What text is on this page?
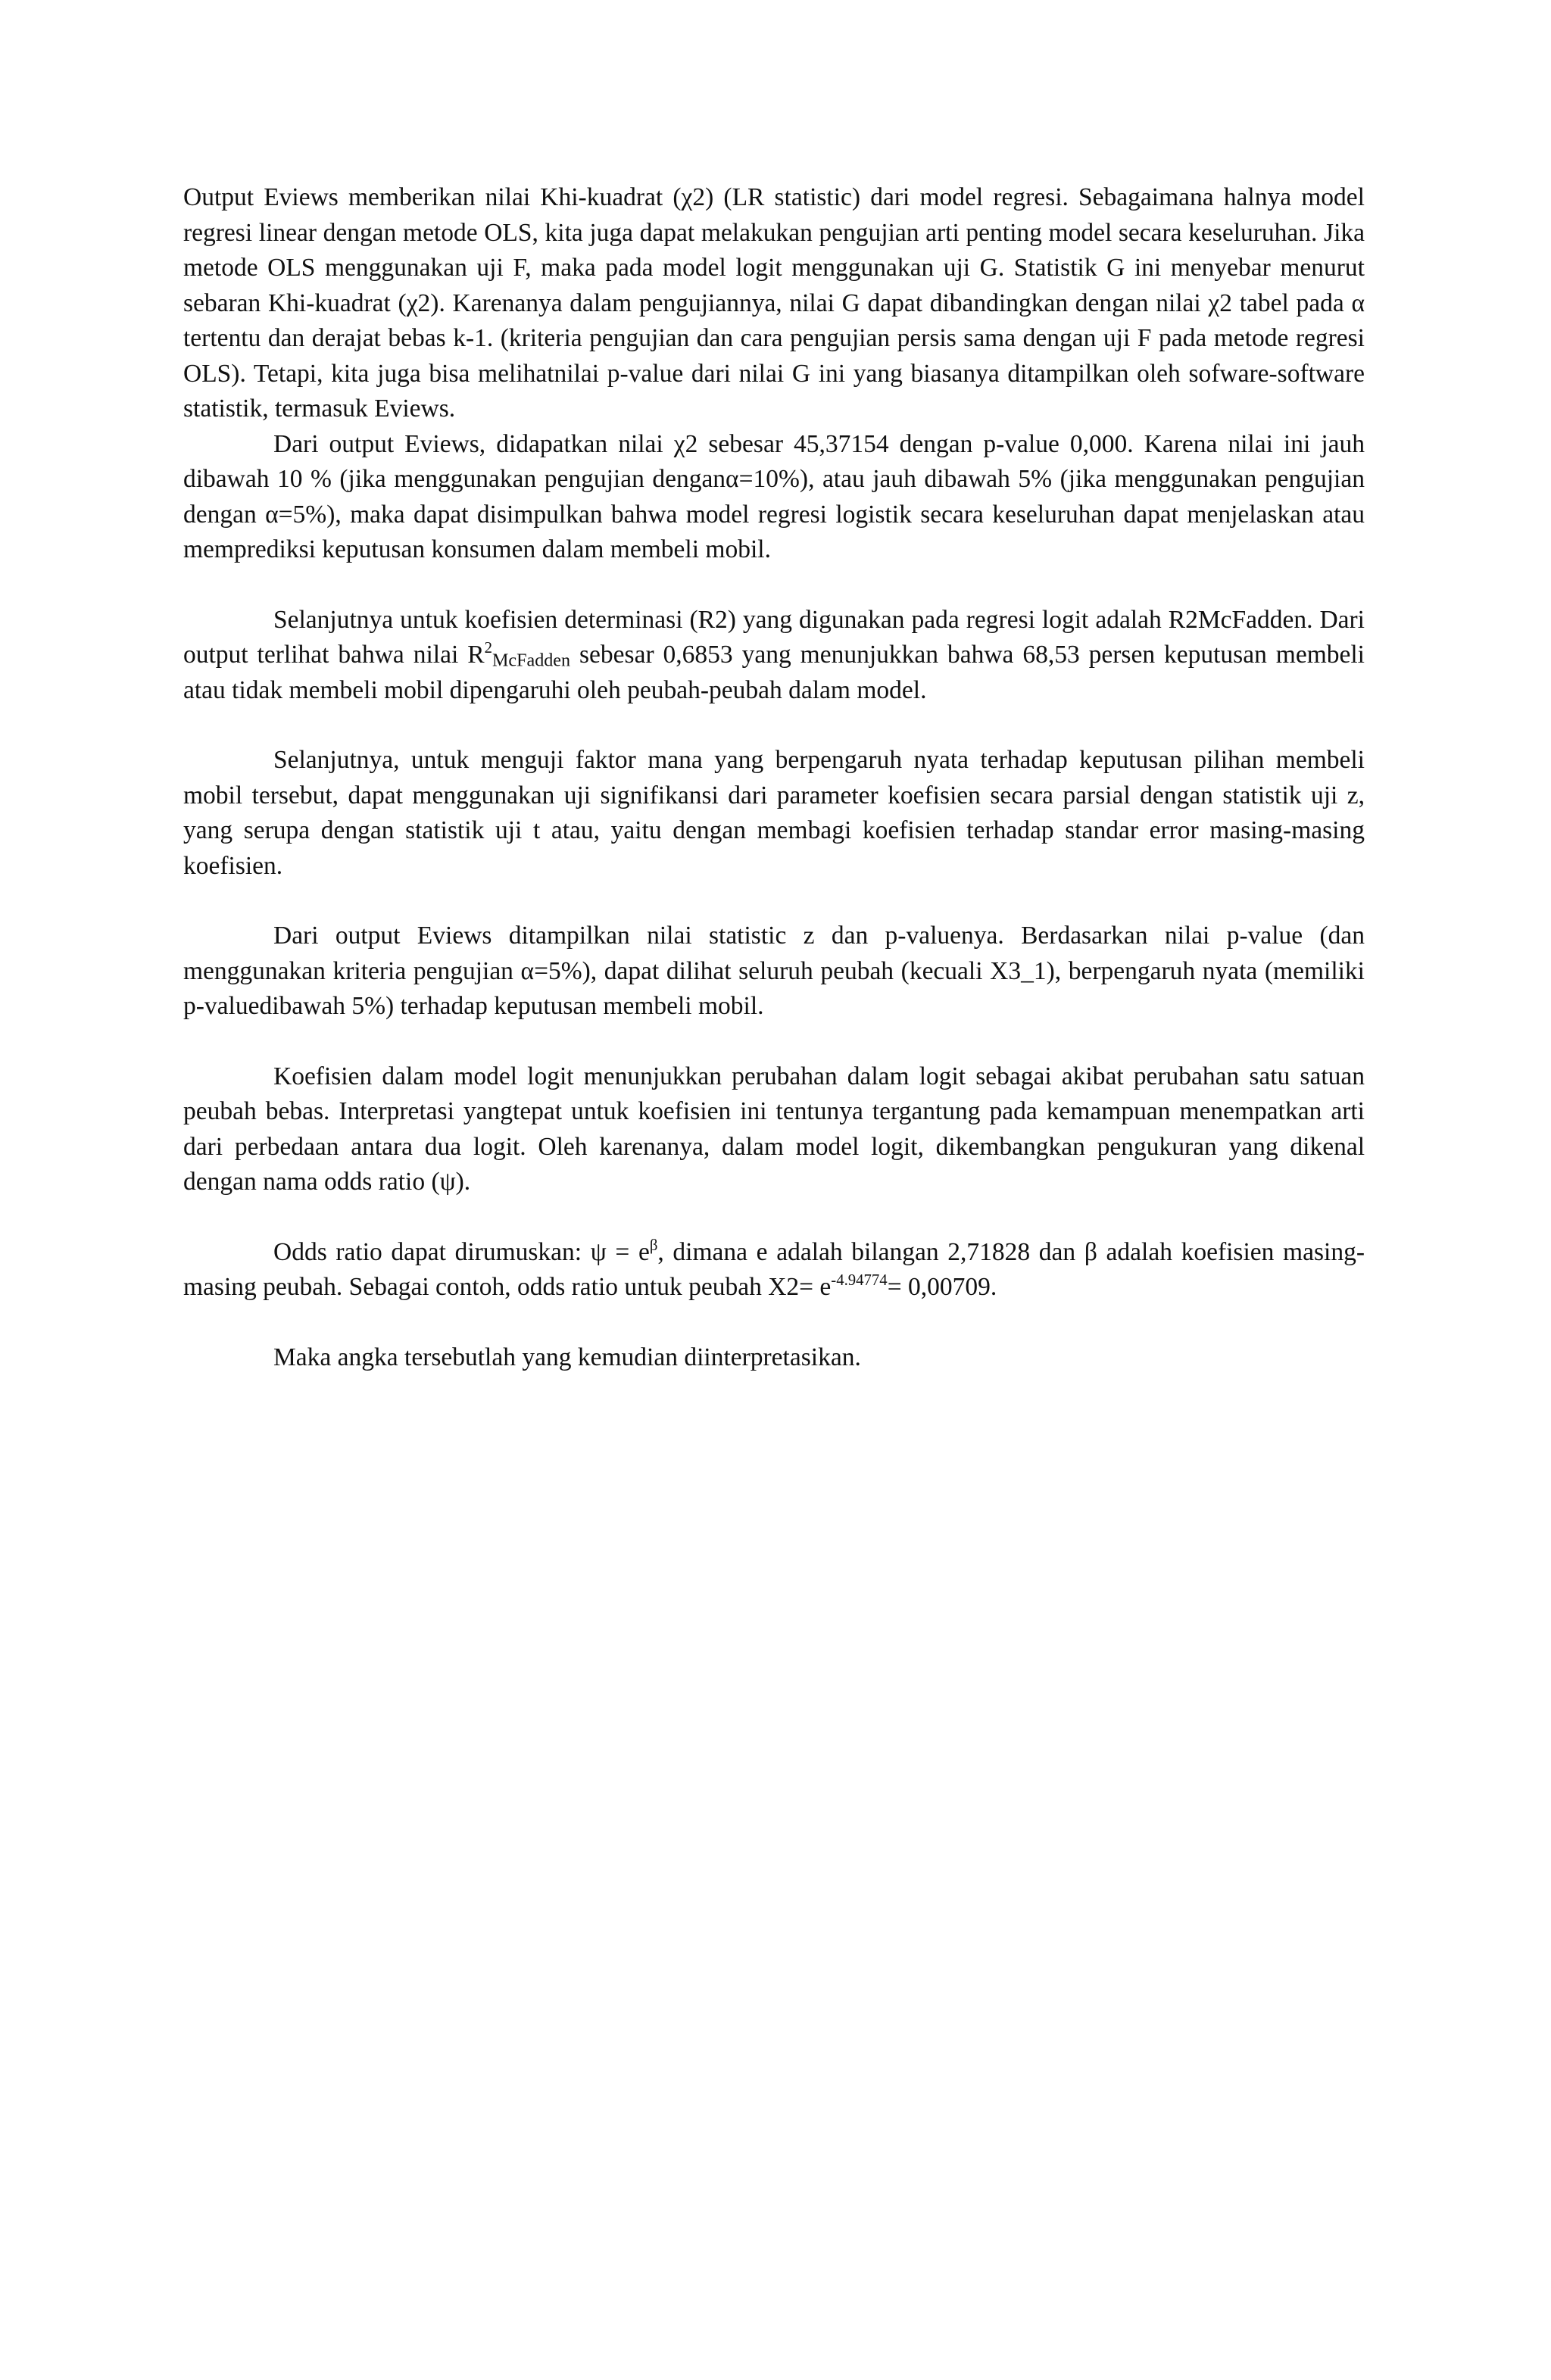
Output Eviews memberikan nilai Khi-kuadrat (χ2) (LR statistic) dari model regresi. Sebagaimana halnya model regresi linear dengan metode OLS, kita juga dapat melakukan pengujian arti penting model secara keseluruhan. Jika metode OLS menggunakan uji F, maka pada model logit menggunakan uji G. Statistik G ini menyebar menurut sebaran Khi-kuadrat (χ2). Karenanya dalam pengujiannya, nilai G dapat dibandingkan dengan nilai χ2 tabel pada α tertentu dan derajat bebas k-1. (kriteria pengujian dan cara pengujian persis sama dengan uji F pada metode regresi OLS). Tetapi, kita juga bisa melihatnilai p-value dari nilai G ini yang biasanya ditampilkan oleh sofware-software statistik, termasuk Eviews.

Dari output Eviews, didapatkan nilai χ2 sebesar 45,37154 dengan p-value 0,000. Karena nilai ini jauh dibawah 10 % (jika menggunakan pengujian denganα=10%), atau jauh dibawah 5% (jika menggunakan pengujian dengan α=5%), maka dapat disimpulkan bahwa model regresi logistik secara keseluruhan dapat menjelaskan atau memprediksi keputusan konsumen dalam membeli mobil.

Selanjutnya untuk koefisien determinasi (R2) yang digunakan pada regresi logit adalah R2McFadden. Dari output terlihat bahwa nilai $R^2McFadden$ sebesar 0,6853 yang menunjukkan bahwa 68,53 persen keputusan membeli atau tidak membeli mobil dipengaruhi oleh peubah-peubah dalam model.

Selanjutnya, untuk menguji faktor mana yang berpengaruh nyata terhadap keputusan pilihan membeli mobil tersebut, dapat menggunakan uji signifikansi dari parameter koefisien secara parsial dengan statistik uji z, yang serupa dengan statistik uji t atau, yaitu dengan membagi koefisien terhadap standar error masing-masing koefisien.

Dari output Eviews ditampilkan nilai statistic z dan p-valuenya. Berdasarkan nilai p-value (dan menggunakan kriteria pengujian α=5%), dapat dilihat seluruh peubah (kecuali X3_1), berpengaruh nyata (memiliki p-valuedibawah 5%) terhadap keputusan membeli mobil.

Koefisien dalam model logit menunjukkan perubahan dalam logit sebagai akibat perubahan satu satuan peubah bebas. Interpretasi yangtepat untuk koefisien ini tentunya tergantung pada kemampuan menempatkan arti dari perbedaan antara dua logit. Oleh karenanya, dalam model logit, dikembangkan pengukuran yang dikenal dengan nama odds ratio (ψ).

Odds ratio dapat dirumuskan: $\psi = e^\beta$, dimana e adalah bilangan 2,71828 dan β adalah koefisien masing-masing peubah. Sebagai contoh, odds ratio untuk peubah $X2= e^{-4.94774}= 0,00709$.

Maka angka tersebutlah yang kemudian diinterpretasikan.
